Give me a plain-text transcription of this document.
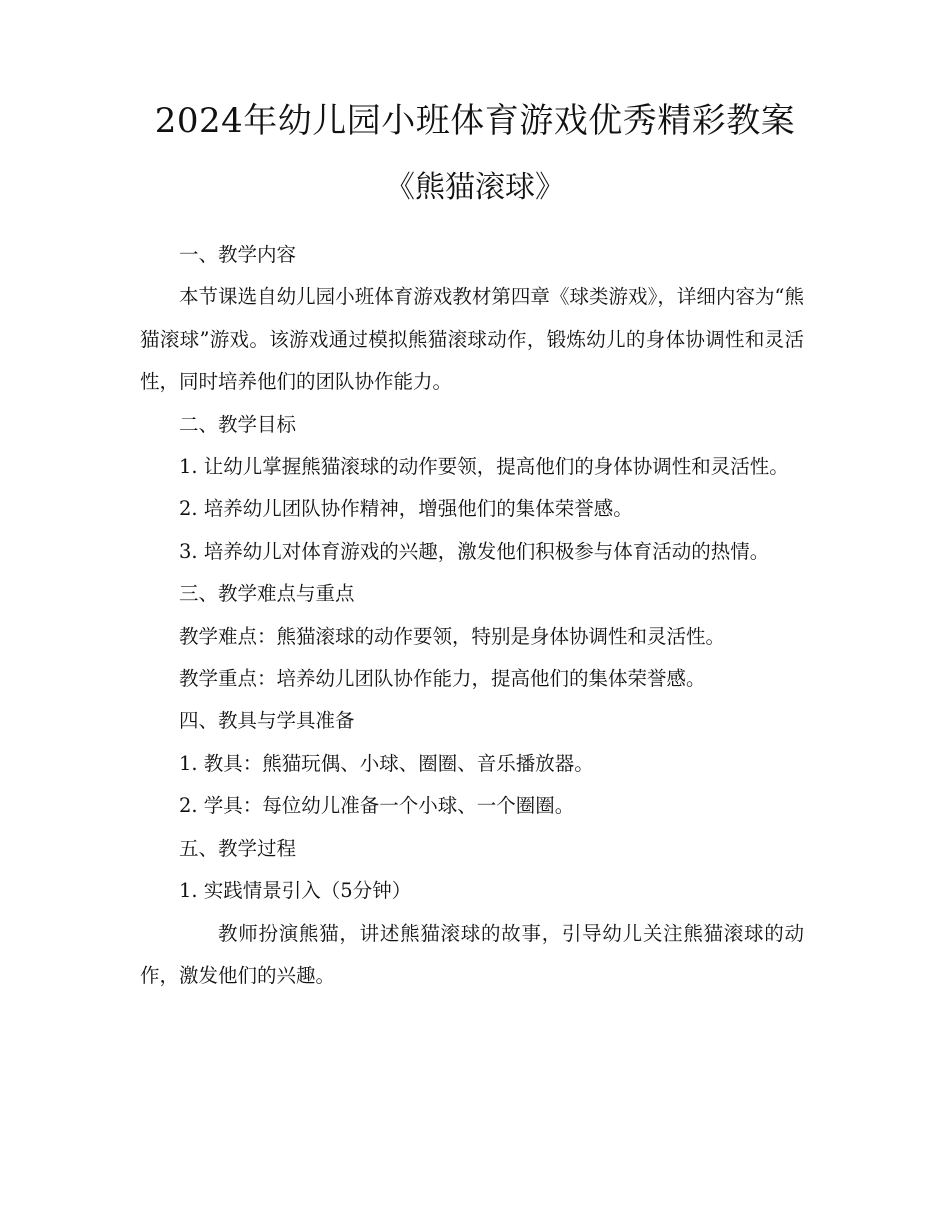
2024年幼儿园小班体育游戏优秀精彩教案
《熊猫滚球》

一、教学内容

本节课选自幼儿园小班体育游戏教材第四章《球类游戏》，详细内容为“熊猫滚球”游戏。该游戏通过模拟熊猫滚球动作，锻炼幼儿的身体协调性和灵活性，同时培养他们的团队协作能力。

二、教学目标

1. 让幼儿掌握熊猫滚球的动作要领，提高他们的身体协调性和灵活性。

2. 培养幼儿团队协作精神，增强他们的集体荣誉感。

3. 培养幼儿对体育游戏的兴趣，激发他们积极参与体育活动的热情。

三、教学难点与重点

教学难点：熊猫滚球的动作要领，特别是身体协调性和灵活性。

教学重点：培养幼儿团队协作能力，提高他们的集体荣誉感。

四、教具与学具准备

1. 教具：熊猫玩偶、小球、圈圈、音乐播放器。

2. 学具：每位幼儿准备一个小球、一个圈圈。

五、教学过程

1. 实践情景引入（5分钟）

教师扮演熊猫，讲述熊猫滚球的故事，引导幼儿关注熊猫滚球的动作，激发他们的兴趣。
